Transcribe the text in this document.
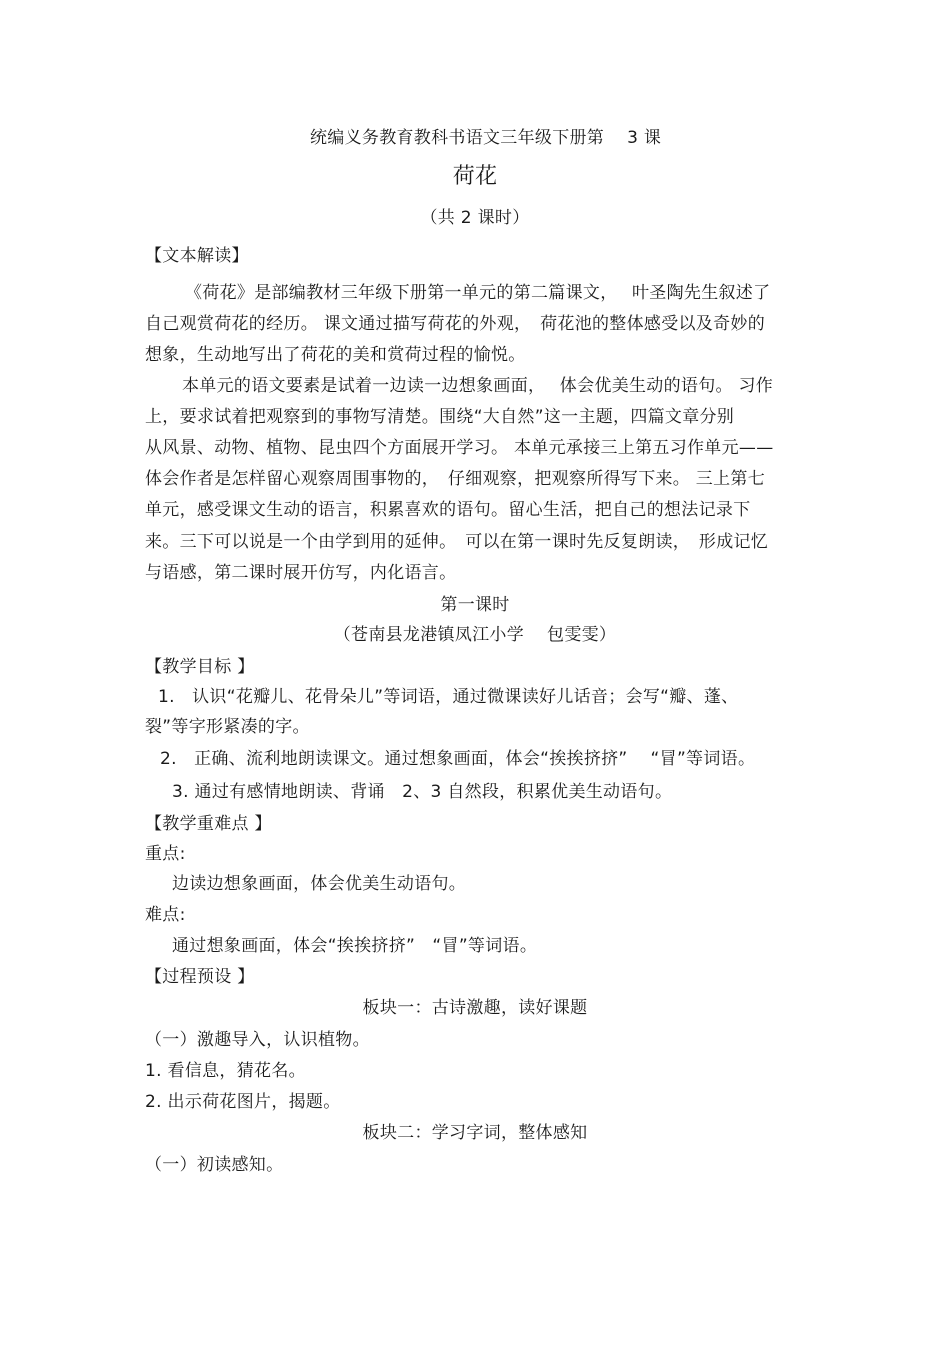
统编义务教育教科书语文三年级下册第　 3 课
荷花
（共 2 课时）
【文本解读】
《荷花》是部编教材三年级下册第一单元的第二篇课文，　 叶圣陶先生叙述了
自己观赏荷花的经历。 课文通过描写荷花的外观，　荷花池的整体感受以及奇妙的
想象，生动地写出了荷花的美和赏荷过程的愉悦。
本单元的语文要素是试着一边读一边想象画面，　 体会优美生动的语句。 习作
上，要求试着把观察到的事物写清楚。围绕“大自然”这一主题，四篇文章分别
从风景、动物、植物、昆虫四个方面展开学习。 本单元承接三上第五习作单元——
体会作者是怎样留心观察周围事物的，　仔细观察，把观察所得写下来。 三上第七
单元，感受课文生动的语言，积累喜欢的语句。留心生活，把自己的想法记录下
来。三下可以说是一个由学到用的延伸。　可以在第一课时先反复朗读，　形成记忆
与语感，第二课时展开仿写，内化语言。
第一课时
（苍南县龙港镇凤江小学　 包雯雯）
【教学目标 】
1.　认识“花瓣儿、花骨朵儿”等词语，通过微课读好儿话音；会写“瓣、蓬、
裂”等字形紧凑的字。
2.　正确、流利地朗读课文。通过想象画面，体会“挨挨挤挤”　 “冒”等词语。
3. 通过有感情地朗读、背诵　2、3 自然段，积累优美生动语句。
【教学重难点 】
重点:
边读边想象画面，体会优美生动语句。
难点:
通过想象画面，体会“挨挨挤挤”　“冒”等词语。
【过程预设 】
板块一：古诗激趣，读好课题
（一）激趣导入，认识植物。
1. 看信息，猜花名。
2. 出示荷花图片，揭题。
板块二：学习字词，整体感知
（一）初读感知。
